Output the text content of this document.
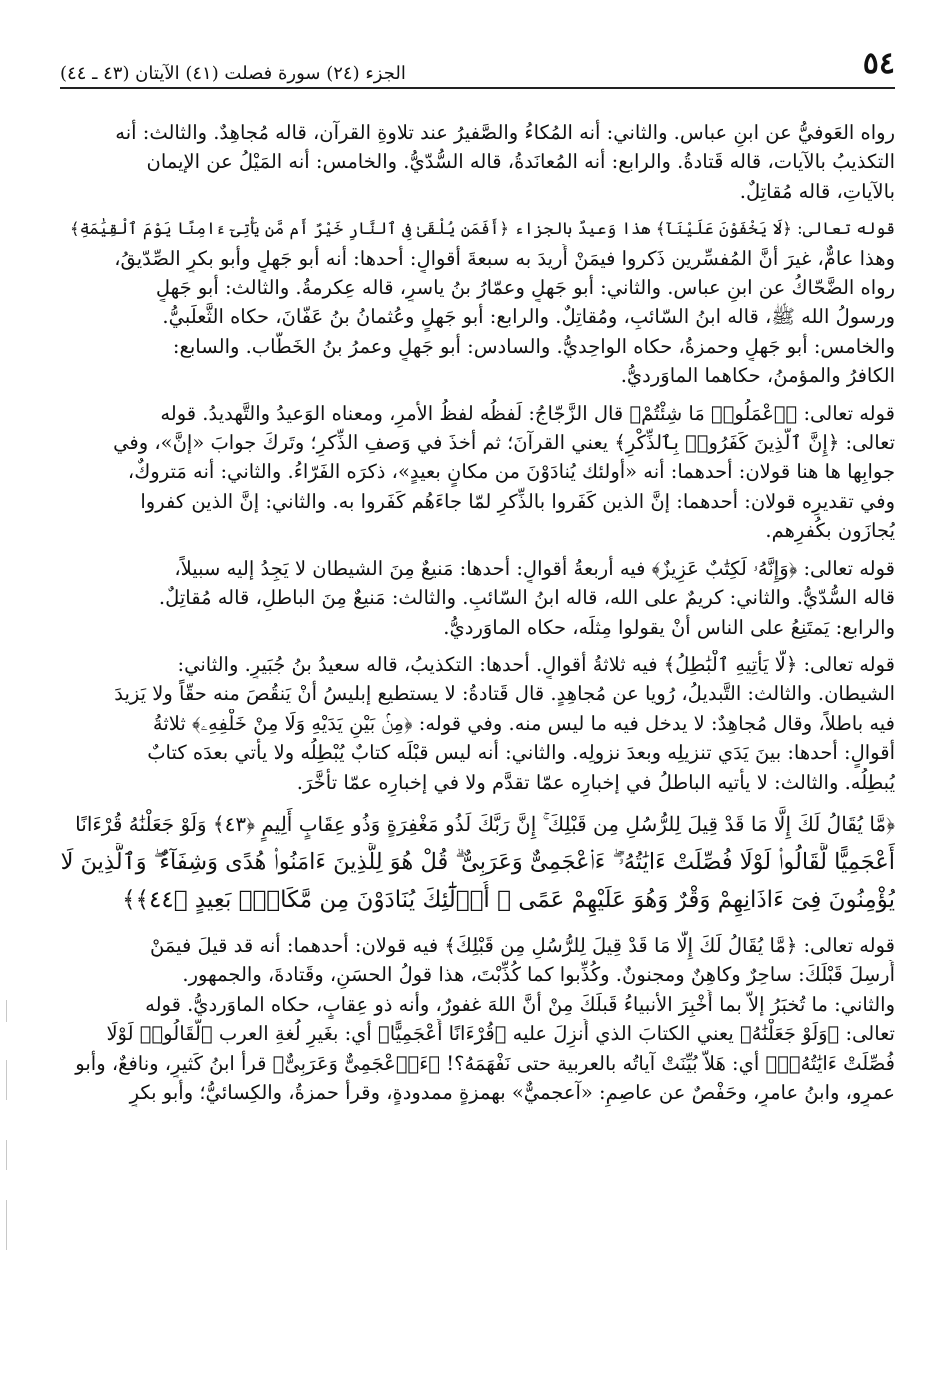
٥٤
الجزء (٢٤) سورة فصلت (٤١) الآيتان (٤٣ ـ ٤٤)
رواه العَوفيُّ عن ابنِ عباس. والثاني: أنه المُكاءُ والصَّفيرُ عند تلاوةِ القرآن، قاله مُجاهِدٌ. والثالث: أنه
التكذيبُ بالآيات، قاله قَتادةُ. والرابع: أنه المُعانَدةُ، قاله السُّدّيُّ. والخامس: أنه المَيْلُ عن الإيمان
بالآياتِ، قاله مُقاتِلٌ.
قوله تعالى: ﴿لَا يَخْفَوْنَ عَلَيْنَآ﴾ هذا وَعيدٌ بالجزاء ﴿أَفَمَن يُلْقَىٰ فِى ٱلنَّارِ خَيْرٌ أَم مَّن يَأْتِىٓ ءَامِنًا يَوْمَ ٱلْقِيَٰمَةِ﴾
وهذا عامٌّ، غيرَ أنَّ المُفسِّرين ذَكروا فيمَنْ أُريدَ به سبعةَ أقوالٍ: أحدها: أنه أبو جَهلٍ وأبو بكرٍ الصِّدّيقُ،
رواه الضَّحّاكُ عن ابنِ عباس. والثاني: أبو جَهلٍ وعمّارُ بنُ ياسرٍ، قاله عِكرمةُ. والثالث: أبو جَهلٍ
ورسولُ الله ﷺ، قاله ابنُ السّائبِ، ومُقاتِلٌ. والرابع: أبو جَهلٍ وعُثمانُ بنُ عَفّانَ، حكاه الثَّعلَبيُّ.
والخامس: أبو جَهلٍ وحمزةُ، حكاه الواحِديُّ. والسادس: أبو جَهلٍ وعمرُ بنُ الخَطّاب. والسابع:
الكافرُ والمؤمنُ، حكاهما الماوَرديُّ.
قوله تعالى: ﴿ٱعْمَلُوا۟ مَا شِئْتُمْ﴾ قال الزَّجّاجُ: لَفظُه لفظُ الأمرِ، ومعناه الوَعيدُ والتَّهديدُ. قوله
تعالى: ﴿إِنَّ ٱلَّذِينَ كَفَرُوا۟ بِٱلذِّكْرِ﴾ يعني القرآنَ؛ ثم أخذَ في وَصفِ الذِّكرِ؛ وتَركَ جوابَ «إنَّ»، وفي
جوابِها ها هنا قولان: أحدهما: أنه «أولئك يُنادَوْنَ من مكانٍ بعيدٍ»، ذكرَه الفَرّاءُ. والثاني: أنه مَتروكٌ،
وفي تقديرِه قولان: أحدهما: إنَّ الذين كَفَروا بالذِّكرِ لمّا جاءَهُم كَفَروا به. والثاني: إنَّ الذين كفروا
يُجازَون بكُفرِهم.
قوله تعالى: ﴿وَإِنَّهُۥ لَكِتَٰبٌ عَزِيزٌ﴾ فيه أربعةُ أقوالٍ: أحدها: مَنيعٌ مِنَ الشيطان لا يَجِدُ إليه سبيلاً،
قاله السُّدّيُّ. والثاني: كريمٌ على الله، قاله ابنُ السّائبِ. والثالث: مَنيعٌ مِنَ الباطلِ، قاله مُقاتِلٌ.
والرابع: يَمتَنِعُ على الناس أنْ يقولوا مِثلَه، حكاه الماوَرديُّ.
قوله تعالى: ﴿لَّا يَأْتِيهِ ٱلْبَٰطِلُ﴾ فيه ثلاثةُ أقوالٍ. أحدها: التكذيبُ، قاله سعيدُ بنُ جُبَيرٍ. والثاني:
الشيطان. والثالث: التَّبديلُ، رُويا عن مُجاهِدٍ. قال قَتادةُ: لا يستطيع إبليسُ أنْ يَنقُصَ منه حقّاً ولا يَزيدَ
فيه باطلاً، وقال مُجاهِدٌ: لا يدخل فيه ما ليس منه. وفي قوله: ﴿مِنۢ بَيْنِ يَدَيْهِ وَلَا مِنْ خَلْفِهِۦ﴾ ثلاثةُ
أقوالٍ: أحدها: بينَ يَدَي تنزيلِه وبعدَ نزولِه. والثاني: أنه ليس قبْلَه كتابٌ يُبْطِلُه ولا يأتي بعدَه كتابٌ
يُبطِلُه. والثالث: لا يأتيه الباطلُ في إخبارِه عمّا تقدَّم ولا في إخبارِه عمّا تأخَّرَ.
﴿مَّا يُقَالُ لَكَ إِلَّا مَا قَدْ قِيلَ لِلرُّسُلِ مِن قَبْلِكَ ۚ إِنَّ رَبَّكَ لَذُو مَغْفِرَةٍ وَذُو عِقَابٍ أَلِيمٍ ﴿٤٣﴾ وَلَوْ جَعَلْنَٰهُ قُرْءَانًا
أَعْجَمِيًّا لَّقَالُوا۟ لَوْلَا فُصِّلَتْ ءَايَٰتُهُۥٓ ۖ ءَا۬عْجَمِىٌّ وَعَرَبِىٌّ ۗ قُلْ هُوَ لِلَّذِينَ ءَامَنُوا۟ هُدًى وَشِفَآءٌ ۖ وَٱلَّذِينَ لَا
يُؤْمِنُونَ فِىٓ ءَاذَانِهِمْ وَقْرٌ وَهُوَ عَلَيْهِمْ عَمًى ۚ أُو۟لَٰٓئِكَ يُنَادَوْنَ مِن مَّكَانٍۭ بَعِيدٍ ﴿٤٤﴾﴾
قوله تعالى: ﴿مَّا يُقَالُ لَكَ إِلَّا مَا قَدْ قِيلَ لِلرُّسُلِ مِن قَبْلِكَ﴾ فيه قولان: أحدهما: أنه قد قيلَ فيمَنْ
أُرسِلَ قَبْلَكَ: ساحِرٌ وكاهِنٌ ومجنونٌ. وكُذِّبوا كما كُذِّبْتَ، هذا قولُ الحسَنِ، وقَتادةَ، والجمهور.
والثاني: ما تُخبَرُ إلاّ بما أُخْبِرَ الأنبياءُ قَبلَكَ مِنْ أنَّ اللهَ غفورٌ، وأنه ذو عِقابٍ، حكاه الماوَرديُّ. قوله
تعالى: ﴿وَلَوْ جَعَلْنَٰهُ﴾ يعني الكتابَ الذي أُنزِلَ عليه ﴿قُرْءَانًا أَعْجَمِيًّا﴾ أي: بغَيرِ لُغةِ العرب ﴿لَّقَالُوا۟ لَوْلَا
فُصِّلَتْ ءَايَٰتُهُۥٓ﴾ أي: هَلاّ بُيِّنَتْ آياتُه بالعربية حتى نَفْهَمَهُ؟! ﴿ءَا۬عْجَمِىٌّ وَعَرَبِىٌّ﴾ قرأ ابنُ كَثيرٍ، ونافعٌ، وأبو
عمرٍو، وابنُ عامرٍ، وحَفْصٌ عن عاصِمٍ: «آعجميٌّ» بهمزةٍ ممدودةٍ، وقرأ حمزةُ، والكِسائيُّ؛ وأبو بكرٍ
